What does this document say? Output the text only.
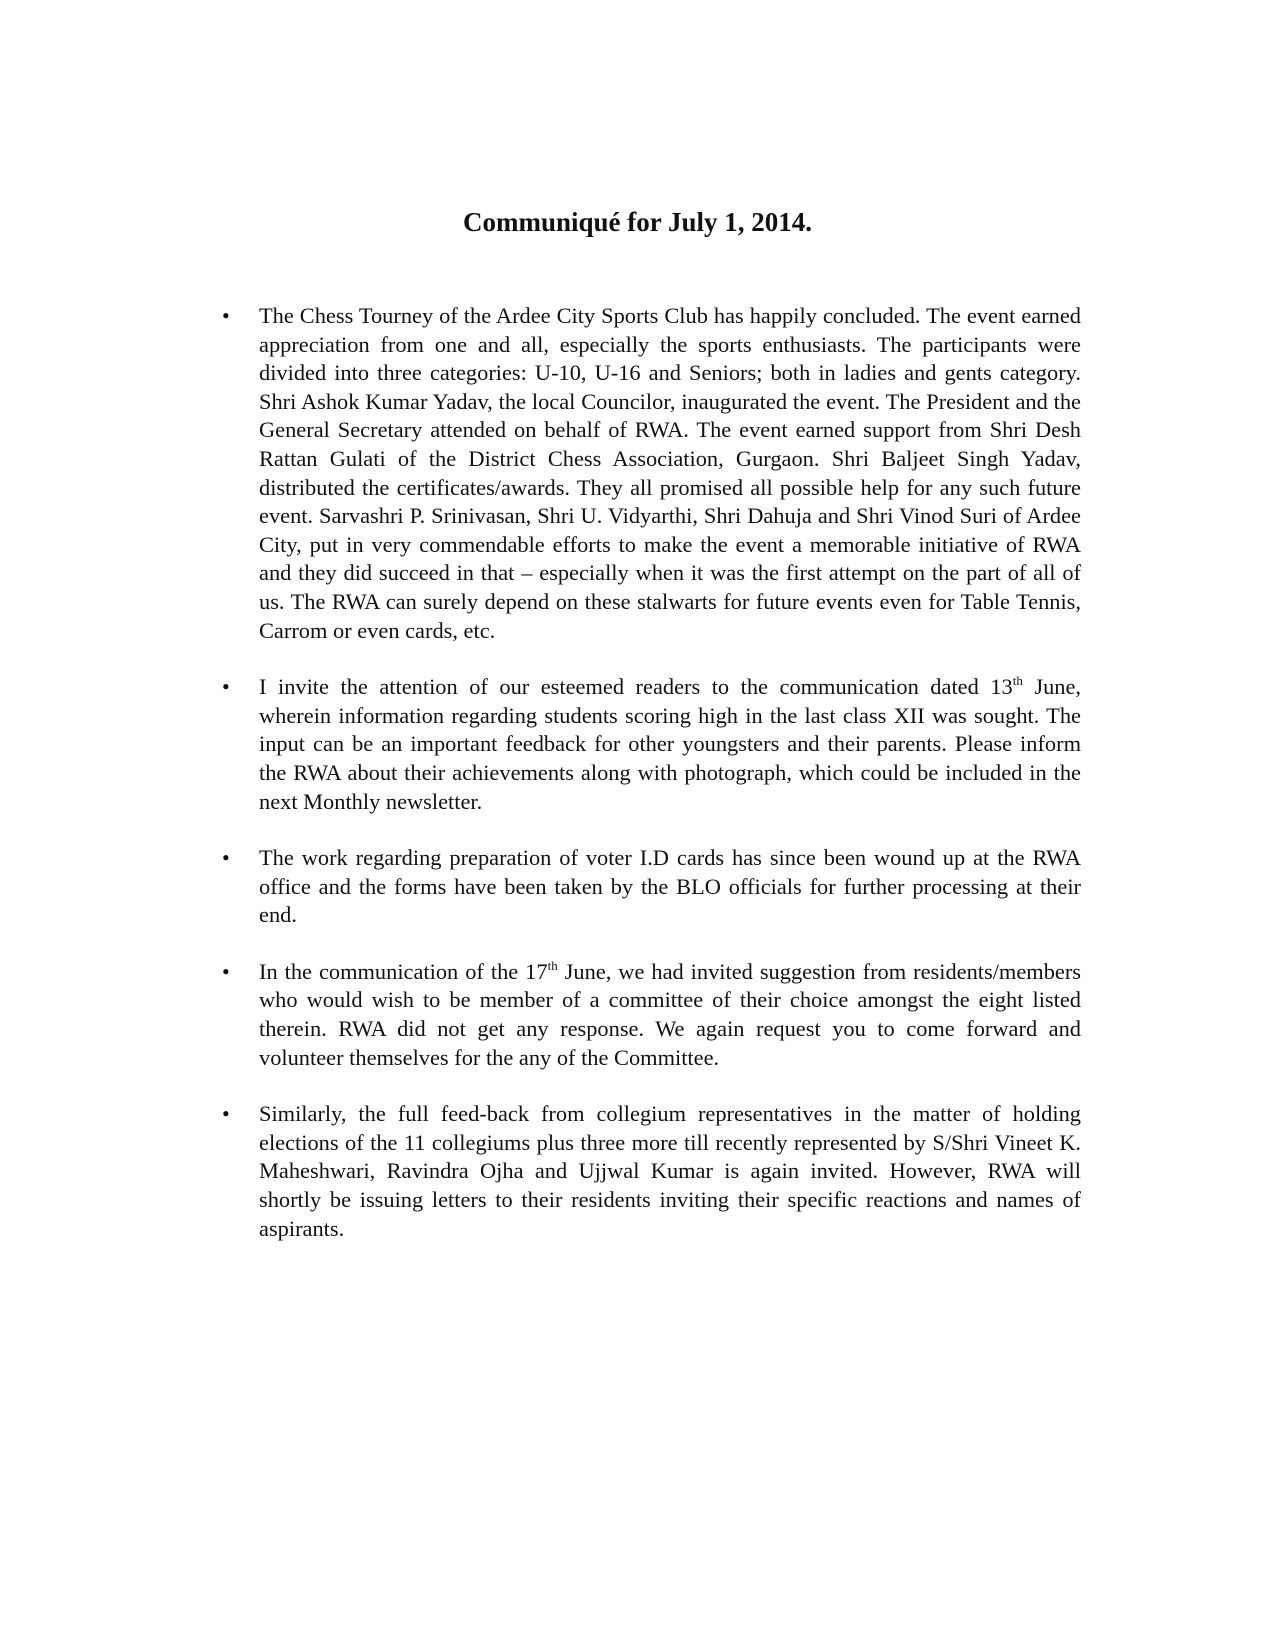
Communiqué for July 1, 2014.
• The Chess Tourney of the Ardee City Sports Club has happily concluded. The event earned appreciation from one and all, especially the sports enthusiasts. The participants were divided into three categories: U-10, U-16 and Seniors; both in ladies and gents category. Shri Ashok Kumar Yadav, the local Councilor, inaugurated the event. The President and the General Secretary attended on behalf of RWA. The event earned support from Shri Desh Rattan Gulati of the District Chess Association, Gurgaon. Shri Baljeet Singh Yadav, distributed the certificates/awards. They all promised all possible help for any such future event. Sarvashri P. Srinivasan, Shri U. Vidyarthi, Shri Dahuja and Shri Vinod Suri of Ardee City, put in very commendable efforts to make the event a memorable initiative of RWA and they did succeed in that – especially when it was the first attempt on the part of all of us. The RWA can surely depend on these stalwarts for future events even for Table Tennis, Carrom or even cards, etc.

• I invite the attention of our esteemed readers to the communication dated 13th June, wherein information regarding students scoring high in the last class XII was sought. The input can be an important feedback for other youngsters and their parents. Please inform the RWA about their achievements along with photograph, which could be included in the next Monthly newsletter.

• The work regarding preparation of voter I.D cards has since been wound up at the RWA office and the forms have been taken by the BLO officials for further processing at their end.

• In the communication of the 17th June, we had invited suggestion from residents/members who would wish to be member of a committee of their choice amongst the eight listed therein. RWA did not get any response. We again request you to come forward and volunteer themselves for the any of the Committee.

• Similarly, the full feed-back from collegium representatives in the matter of holding elections of the 11 collegiums plus three more till recently represented by S/Shri Vineet K. Maheshwari, Ravindra Ojha and Ujjwal Kumar is again invited. However, RWA will shortly be issuing letters to their residents inviting their specific reactions and names of aspirants.
